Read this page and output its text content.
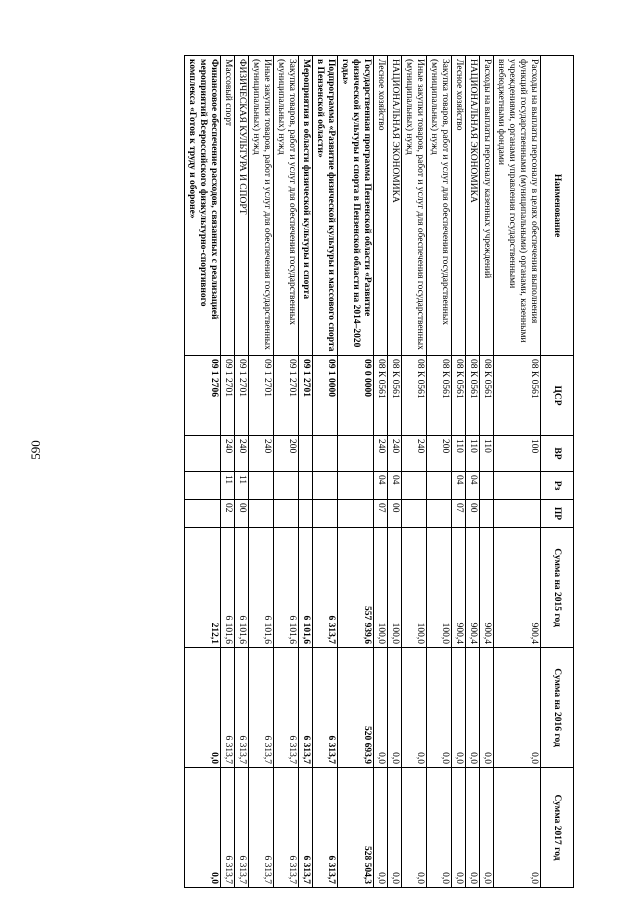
590
Наименование	ЦСР	ВР	Рз	ПР	Сумма на 2015 год	Сумма на 2016 год	Сумма 2017 год
Расходы на выплаты персоналу в целях обеспечения выполнения функций государственными (муниципальными) органами, казенными учреждениями, органами управления государственными внебюджетными фондами	08 К 0561	100			900,4	0,0	0,0
Расходы на выплаты персоналу казенных учреждений	08 К 0561	110			900,4	0,0	0,0
НАЦИОНАЛЬНАЯ ЭКОНОМИКА	08 К 0561	110	04	00	900,4	0,0	0,0
Лесное хозяйство	08 К 0561	110	04	07	900,4	0,0	0,0
Закупка товаров, работ и услуг для обеспечения государственных (муниципальных) нужд	08 К 0561	200			100,0	0,0	0,0
Иные закупки товаров, работ и услуг для обеспечения государственных (муниципальных) нужд	08 К 0561	240			100,0	0,0	0,0
НАЦИОНАЛЬНАЯ ЭКОНОМИКА	08 К 0561	240	04	00	100,0	0,0	0,0
Лесное хозяйство	08 К 0561	240	04	07	100,0	0,0	0,0
Государственная программа Пензенской области «Развитие физической культуры и спорта в Пензенской области на 2014–2020 годы»	09 0 0000				557 939,6	520 693,9	528 504,3
Подпрограмма «Развитие физической культуры и массового спорта в Пензенской области»	09 1 0000				6 313,7	6 313,7	6 313,7
Мероприятия в области физической культуры и спорта	09 1 2701				6 101,6	6 313,7	6 313,7
Закупка товаров, работ и услуг для обеспечения государственных (муниципальных) нужд	09 1 2701	200			6 101,6	6 313,7	6 313,7
Иные закупки товаров, работ и услуг для обеспечения государственных (муниципальных) нужд	09 1 2701	240			6 101,6	6 313,7	6 313,7
ФИЗИЧЕСКАЯ КУЛЬТУРА И СПОРТ	09 1 2701	240	11	00	6 101,6	6 313,7	6 313,7
Массовый спорт	09 1 2701	240	11	02	6 101,6	6 313,7	6 313,7
Финансовое обеспечение расходов, связанных с реализацией мероприятий Всероссийского физкультурно-спортивного комплекса «Готов к труду и обороне»	09 1 2706				212,1	0,0	0,0
